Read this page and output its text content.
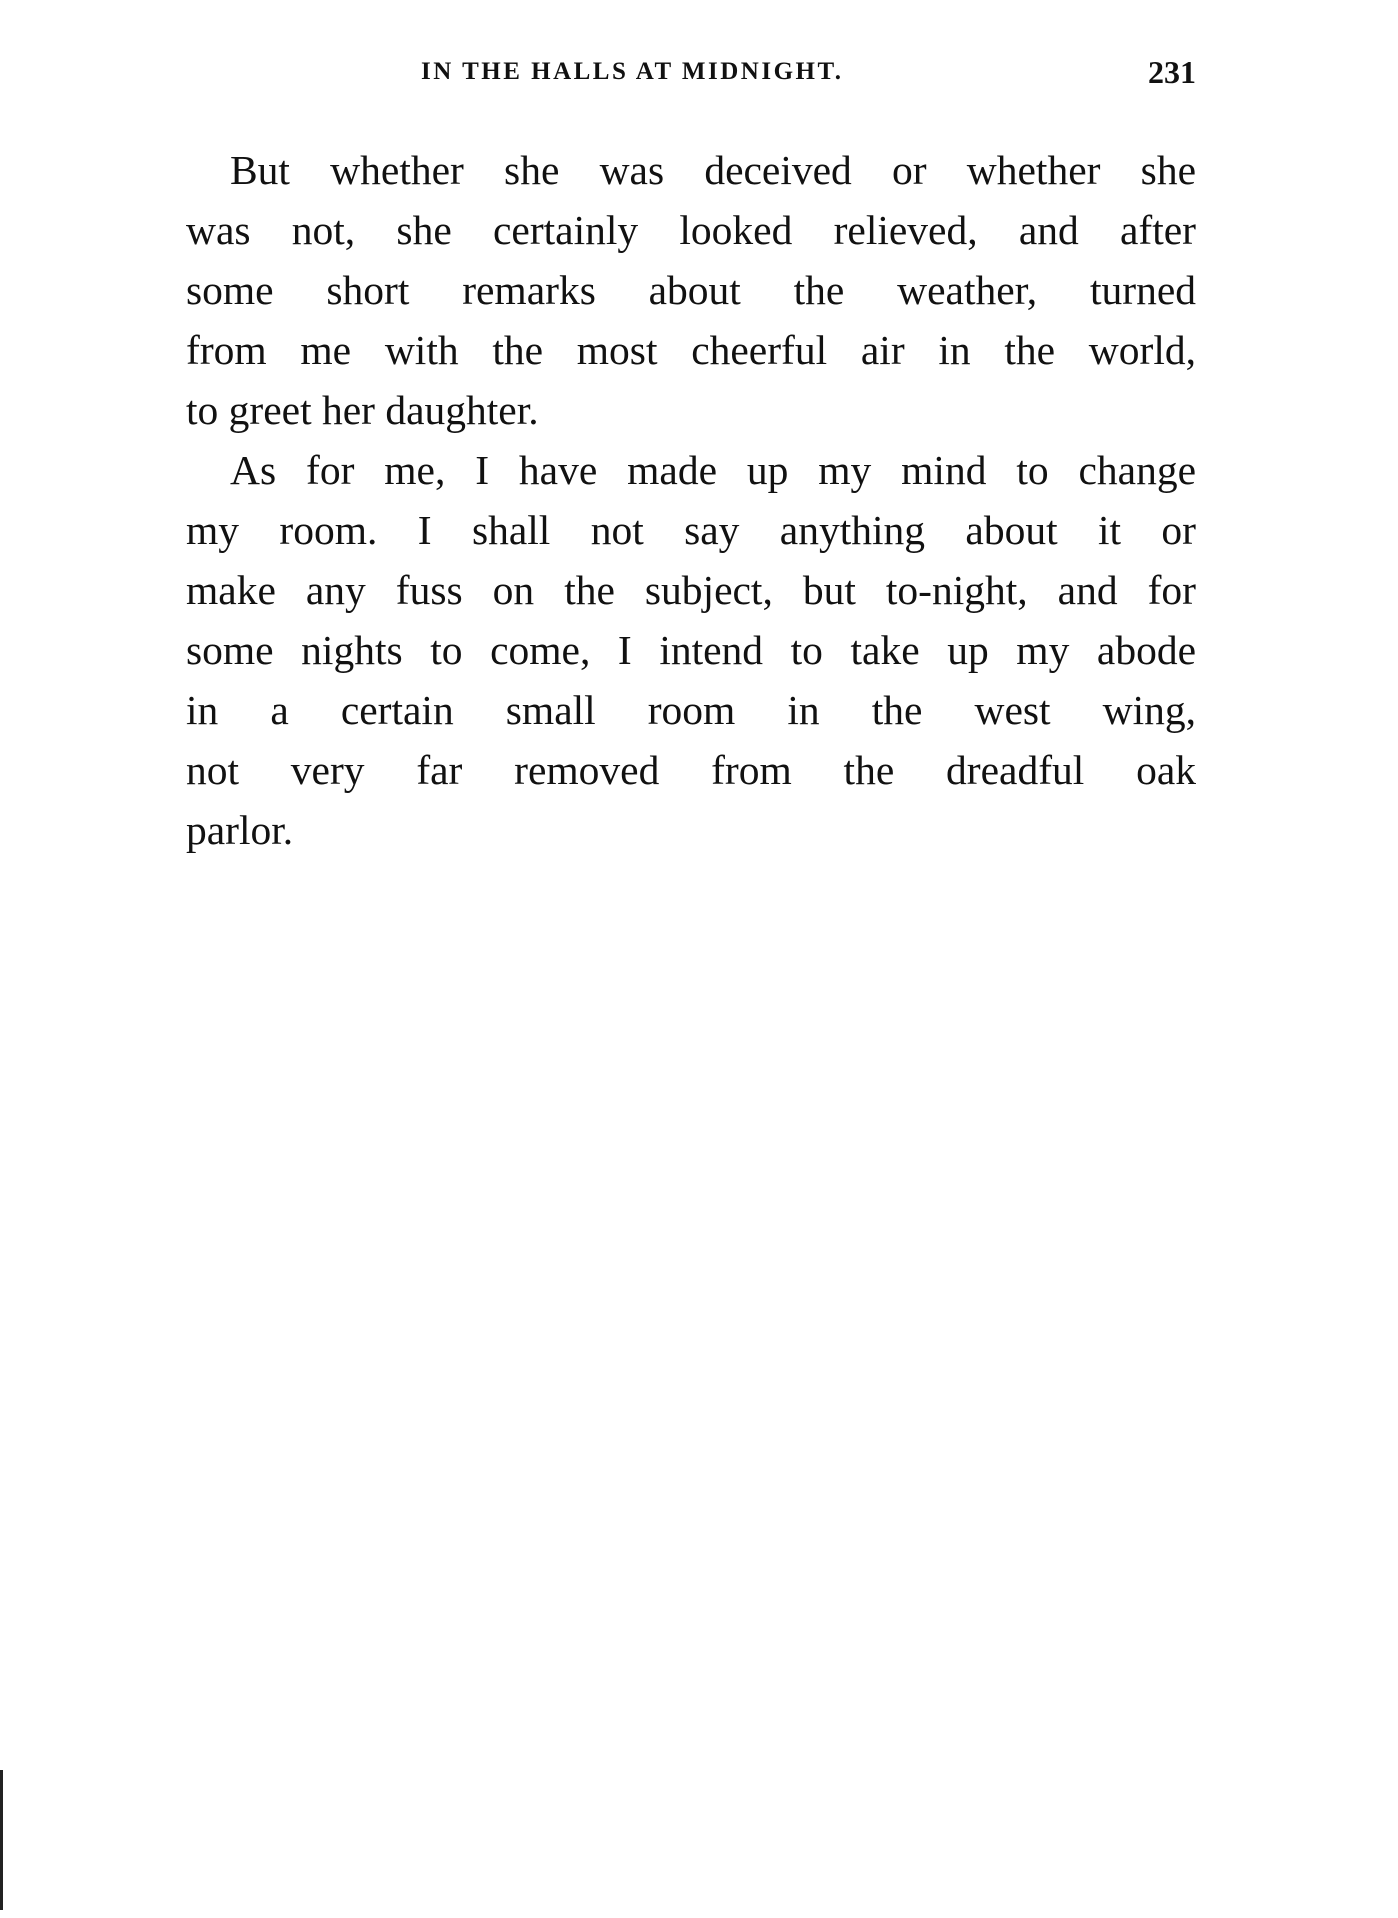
IN THE HALLS AT MIDNIGHT.	231
But whether she was deceived or whether she
was not, she certainly looked relieved, and after
some short remarks about the weather, turned
from me with the most cheerful air in the world,
to greet her daughter.
As for me, I have made up my mind to change
my room. I shall not say anything about it or
make any fuss on the subject, but to-night, and for
some nights to come, I intend to take up my abode
in a certain small room in the west wing,
not very far removed from the dreadful oak
parlor.
